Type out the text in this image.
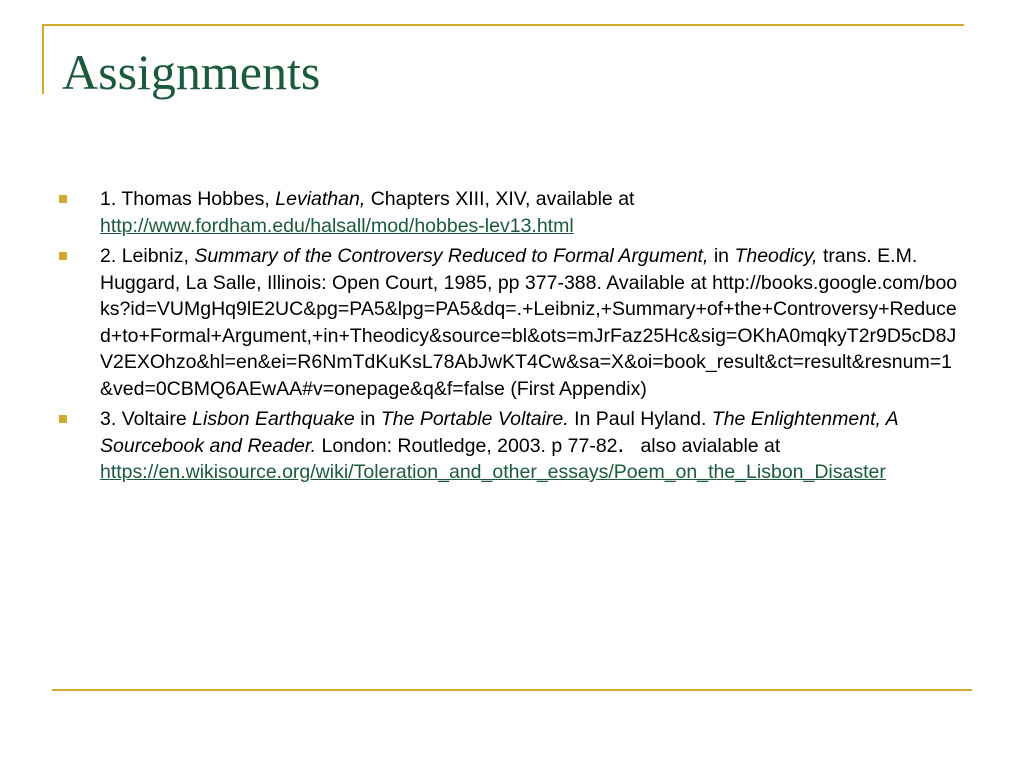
Assignments
1. Thomas Hobbes, Leviathan, Chapters XIII, XIV, available at
http://www.fordham.edu/halsall/mod/hobbes-lev13.html
2. Leibniz, Summary of the Controversy Reduced to Formal Argument, in Theodicy, trans. E.M. Huggard, La Salle, Illinois: Open Court, 1985, pp 377-388. Available at http://books.google.com/books?id=VUMgHq9lE2UC&pg=PA5&lpg=PA5&dq=.+Leibniz,+Summary+of+the+Controversy+Reduced+to+Formal+Argument,+in+Theodicy&source=bl&ots=mJrFaz25Hc&sig=OKhA0mqkyT2r9D5cD8JV2EXOhzo&hl=en&ei=R6NmTdKuKsL78AbJwKT4Cw&sa=X&oi=book_result&ct=result&resnum=1&ved=0CBMQ6AEwAA#v=onepage&q&f=false (First Appendix)
3. Voltaire Lisbon Earthquake in The Portable Voltaire. In Paul Hyland. The Enlightenment, A Sourcebook and Reader. London: Routledge, 2003. p 77-82. also avialable at
https://en.wikisource.org/wiki/Toleration_and_other_essays/Poem_on_the_Lisbon_Disaster
